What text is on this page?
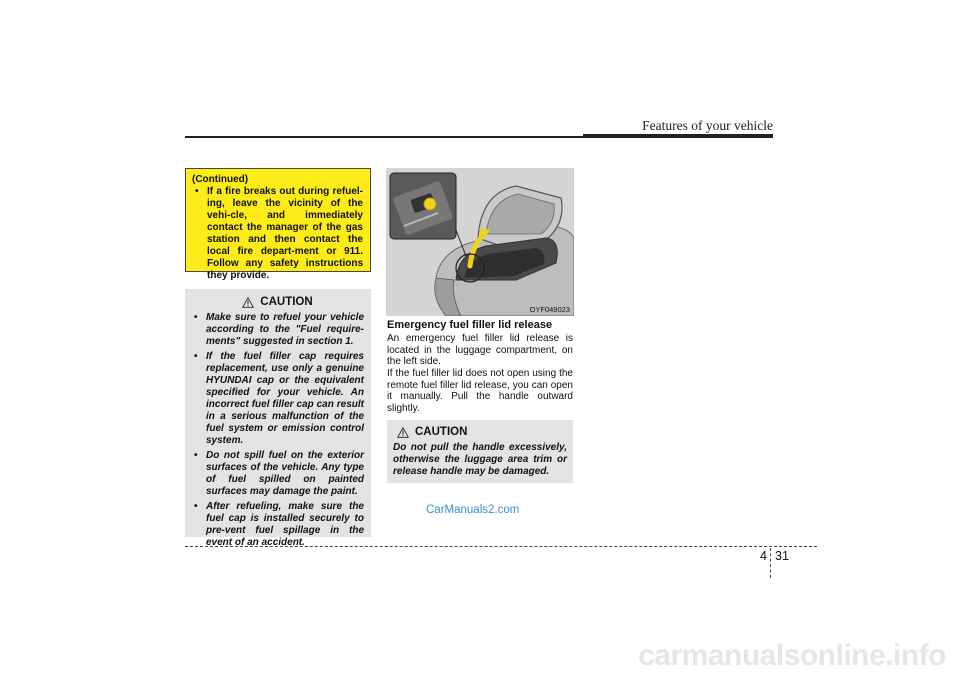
Features of your vehicle

(Continued)

• If a fire breaks out during refuel-ing, leave the vicinity of the vehi-cle, and immediately contact the manager of the gas station and then contact the local fire depart-ment or 911. Follow any safety instructions they provide.
CAUTION
• Make sure to refuel your vehicle according to the "Fuel require-ments" suggested in section 1.
• If the fuel filler cap requires replacement, use only a genuine HYUNDAI cap or the equivalent specified for your vehicle. An incorrect fuel filler cap can result in a serious malfunction of the fuel system or emission control system.
• Do not spill fuel on the exterior surfaces of the vehicle. Any type of fuel spilled on painted surfaces may damage the paint.
• After refueling, make sure the fuel cap is installed securely to pre-vent fuel spillage in the event of an accident.
OYF049023
Emergency fuel filler lid release

An emergency fuel filler lid release is located in the luggage compartment, on the left side.

If the fuel filler lid does not open using the remote fuel filler lid release, you can open it manually. Pull the handle outward slightly.

CAUTION

Do not pull the handle excessively, otherwise the luggage area trim or release handle may be damaged.

CarManuals2.com
4 31
carmanualsonline.info
